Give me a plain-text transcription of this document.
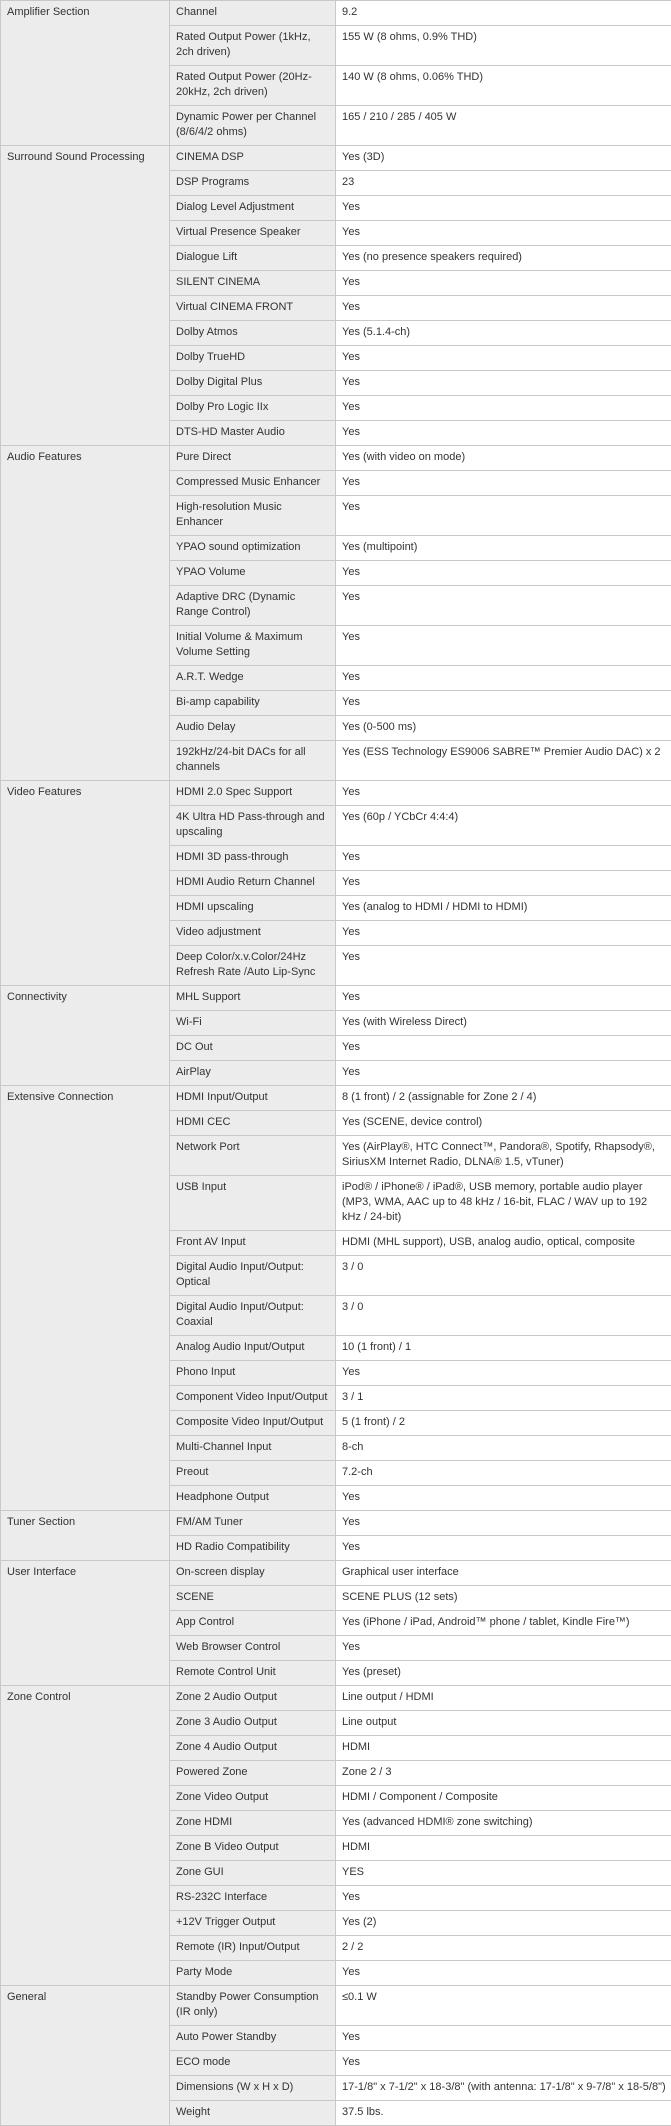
Amplifier Section	Channel	9.2
	Rated Output Power (1kHz, 2ch driven)	155 W (8 ohms, 0.9% THD)
	Rated Output Power (20Hz-20kHz, 2ch driven)	140 W (8 ohms, 0.06% THD)
	Dynamic Power per Channel (8/6/4/2 ohms)	165 / 210 / 285 / 405 W
Surround Sound Processing	CINEMA DSP	Yes (3D)
	DSP Programs	23
	Dialog Level Adjustment	Yes
	Virtual Presence Speaker	Yes
	Dialogue Lift	Yes (no presence speakers required)
	SILENT CINEMA	Yes
	Virtual CINEMA FRONT	Yes
	Dolby Atmos	Yes (5.1.4-ch)
	Dolby TrueHD	Yes
	Dolby Digital Plus	Yes
	Dolby Pro Logic IIx	Yes
	DTS-HD Master Audio	Yes
Audio Features	Pure Direct	Yes (with video on mode)
	Compressed Music Enhancer	Yes
	High-resolution Music Enhancer	Yes
	YPAO sound optimization	Yes (multipoint)
	YPAO Volume	Yes
	Adaptive DRC (Dynamic Range Control)	Yes
	Initial Volume & Maximum Volume Setting	Yes
	A.R.T. Wedge	Yes
	Bi-amp capability	Yes
	Audio Delay	Yes (0-500 ms)
	192kHz/24-bit DACs for all channels	Yes (ESS Technology ES9006 SABRE™ Premier Audio DAC) x 2
Video Features	HDMI 2.0 Spec Support	Yes
	4K Ultra HD Pass-through and upscaling	Yes (60p / YCbCr 4:4:4)
	HDMI 3D pass-through	Yes
	HDMI Audio Return Channel	Yes
	HDMI upscaling	Yes (analog to HDMI / HDMI to HDMI)
	Video adjustment	Yes
	Deep Color/x.v.Color/24Hz Refresh Rate /Auto Lip-Sync	Yes
Connectivity	MHL Support	Yes
	Wi-Fi	Yes (with Wireless Direct)
	DC Out	Yes
	AirPlay	Yes
Extensive Connection	HDMI Input/Output	8 (1 front) / 2 (assignable for Zone 2 / 4)
	HDMI CEC	Yes (SCENE, device control)
	Network Port	Yes (AirPlay®, HTC Connect™, Pandora®, Spotify, Rhapsody®, SiriusXM Internet Radio, DLNA® 1.5, vTuner)
	USB Input	iPod® / iPhone® / iPad®, USB memory, portable audio player (MP3, WMA, AAC up to 48 kHz / 16-bit, FLAC / WAV up to 192 kHz / 24-bit)
	Front AV Input	HDMI (MHL support), USB, analog audio, optical, composite
	Digital Audio Input/Output: Optical	3 / 0
	Digital Audio Input/Output: Coaxial	3 / 0
	Analog Audio Input/Output	10 (1 front) / 1
	Phono Input	Yes
	Component Video Input/Output	3 / 1
	Composite Video Input/Output	5 (1 front) / 2
	Multi-Channel Input	8-ch
	Preout	7.2-ch
	Headphone Output	Yes
Tuner Section	FM/AM Tuner	Yes
	HD Radio Compatibility	Yes
User Interface	On-screen display	Graphical user interface
	SCENE	SCENE PLUS (12 sets)
	App Control	Yes (iPhone / iPad, Android™ phone / tablet, Kindle Fire™)
	Web Browser Control	Yes
	Remote Control Unit	Yes (preset)
Zone Control	Zone 2 Audio Output	Line output / HDMI
	Zone 3 Audio Output	Line output
	Zone 4 Audio Output	HDMI
	Powered Zone	Zone 2 / 3
	Zone Video Output	HDMI / Component / Composite
	Zone HDMI	Yes (advanced HDMI® zone switching)
	Zone B Video Output	HDMI
	Zone GUI	YES
	RS-232C Interface	Yes
	+12V Trigger Output	Yes (2)
	Remote (IR) Input/Output	2 / 2
	Party Mode	Yes
General	Standby Power Consumption (IR only)	≤0.1 W
	Auto Power Standby	Yes
	ECO mode	Yes
	Dimensions (W x H x D)	17-1/8" x 7-1/2" x 18-3/8" (with antenna: 17-1/8" x 9-7/8" x 18-5/8")
	Weight	37.5 lbs.
